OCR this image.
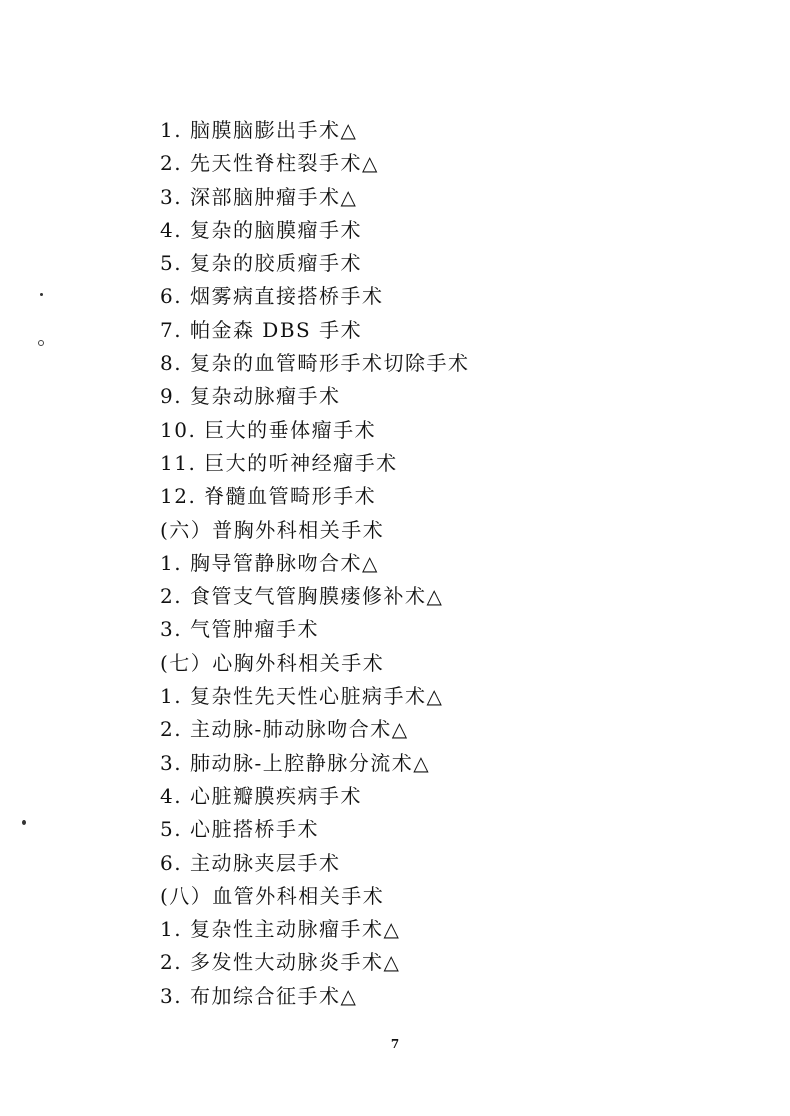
1. 脑膜脑膨出手术△
2. 先天性脊柱裂手术△
3. 深部脑肿瘤手术△
4. 复杂的脑膜瘤手术
5. 复杂的胶质瘤手术
6. 烟雾病直接搭桥手术
7. 帕金森 DBS 手术
8. 复杂的血管畸形手术切除手术
9. 复杂动脉瘤手术
10. 巨大的垂体瘤手术
11. 巨大的听神经瘤手术
12. 脊髓血管畸形手术
(六）普胸外科相关手术
1. 胸导管静脉吻合术△
2. 食管支气管胸膜瘘修补术△
3. 气管肿瘤手术
(七）心胸外科相关手术
1. 复杂性先天性心脏病手术△
2. 主动脉-肺动脉吻合术△
3. 肺动脉-上腔静脉分流术△
4. 心脏瓣膜疾病手术
5. 心脏搭桥手术
6. 主动脉夹层手术
(八）血管外科相关手术
1. 复杂性主动脉瘤手术△
2. 多发性大动脉炎手术△
3. 布加综合征手术△
7
